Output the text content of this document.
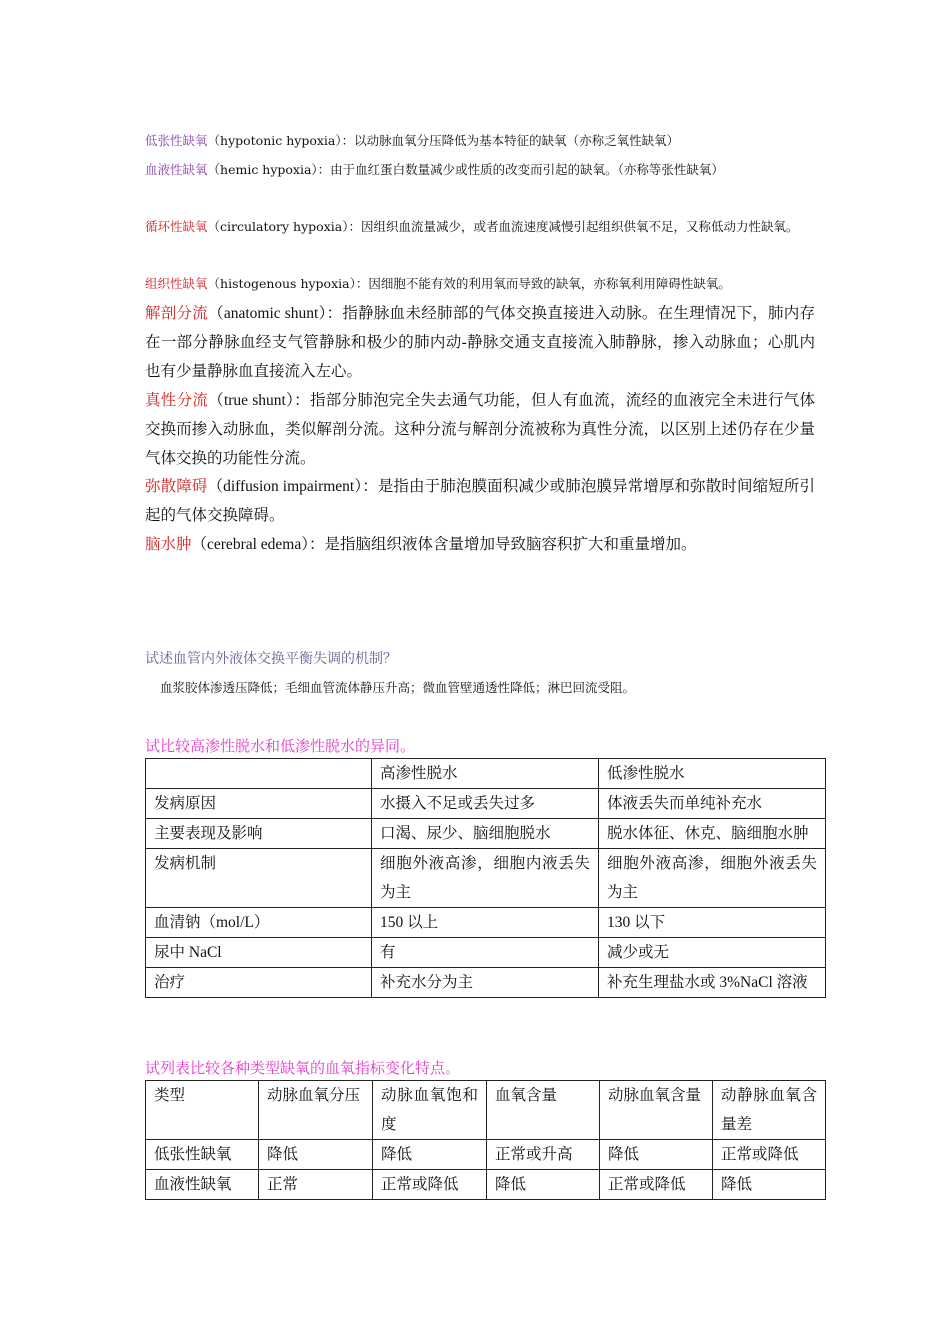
低张性缺氧（hypotonic hypoxia）：以动脉血氧分压降低为基本特征的缺氧（亦称乏氧性缺氧）
血液性缺氧（hemic hypoxia）：由于血红蛋白数量减少或性质的改变而引起的缺氧。（亦称等张性缺氧）
循环性缺氧（circulatory hypoxia）：因组织血流量减少，或者血流速度减慢引起组织供氧不足，又称低动力性缺氧。
组织性缺氧（histogenous hypoxia）：因细胞不能有效的利用氧而导致的缺氧，亦称氧利用障碍性缺氧。
解剖分流（anatomic shunt）：指静脉血未经肺部的气体交换直接进入动脉。在生理情况下，肺内存在一部分静脉血经支气管静脉和极少的肺内动-静脉交通支直接流入肺静脉，掺入动脉血；心肌内也有少量静脉血直接流入左心。
真性分流（true shunt）：指部分肺泡完全失去通气功能，但人有血流，流经的血液完全未进行气体交换而掺入动脉血，类似解剖分流。这种分流与解剖分流被称为真性分流，以区别上述仍存在少量气体交换的功能性分流。
弥散障碍（diffusion impairment）：是指由于肺泡膜面积减少或肺泡膜异常增厚和弥散时间缩短所引起的气体交换障碍。
脑水肿（cerebral edema）：是指脑组织液体含量增加导致脑容积扩大和重量增加。
试述血管内外液体交换平衡失调的机制？
血浆胶体渗透压降低；毛细血管流体静压升高；微血管壁通透性降低；淋巴回流受阻。
试比较高渗性脱水和低渗性脱水的异同。
	高渗性脱水	低渗性脱水
发病原因	水摄入不足或丢失过多	体液丢失而单纯补充水
主要表现及影响	口渴、尿少、脑细胞脱水	脱水体征、休克、脑细胞水肿
发病机制	细胞外液高渗，细胞内液丢失为主	细胞外液高渗，细胞外液丢失为主
血清钠（mol/L）	150 以上	130 以下
尿中 NaCl	有	减少或无
治疗	补充水分为主	补充生理盐水或 3%NaCl 溶液
试列表比较各种类型缺氧的血氧指标变化特点。
类型	动脉血氧分压	动脉血氧饱和度	血氧含量	动脉血氧含量	动静脉血氧含量差
低张性缺氧	降低	降低	正常或升高	降低	正常或降低
血液性缺氧	正常	正常或降低	降低	正常或降低	降低
